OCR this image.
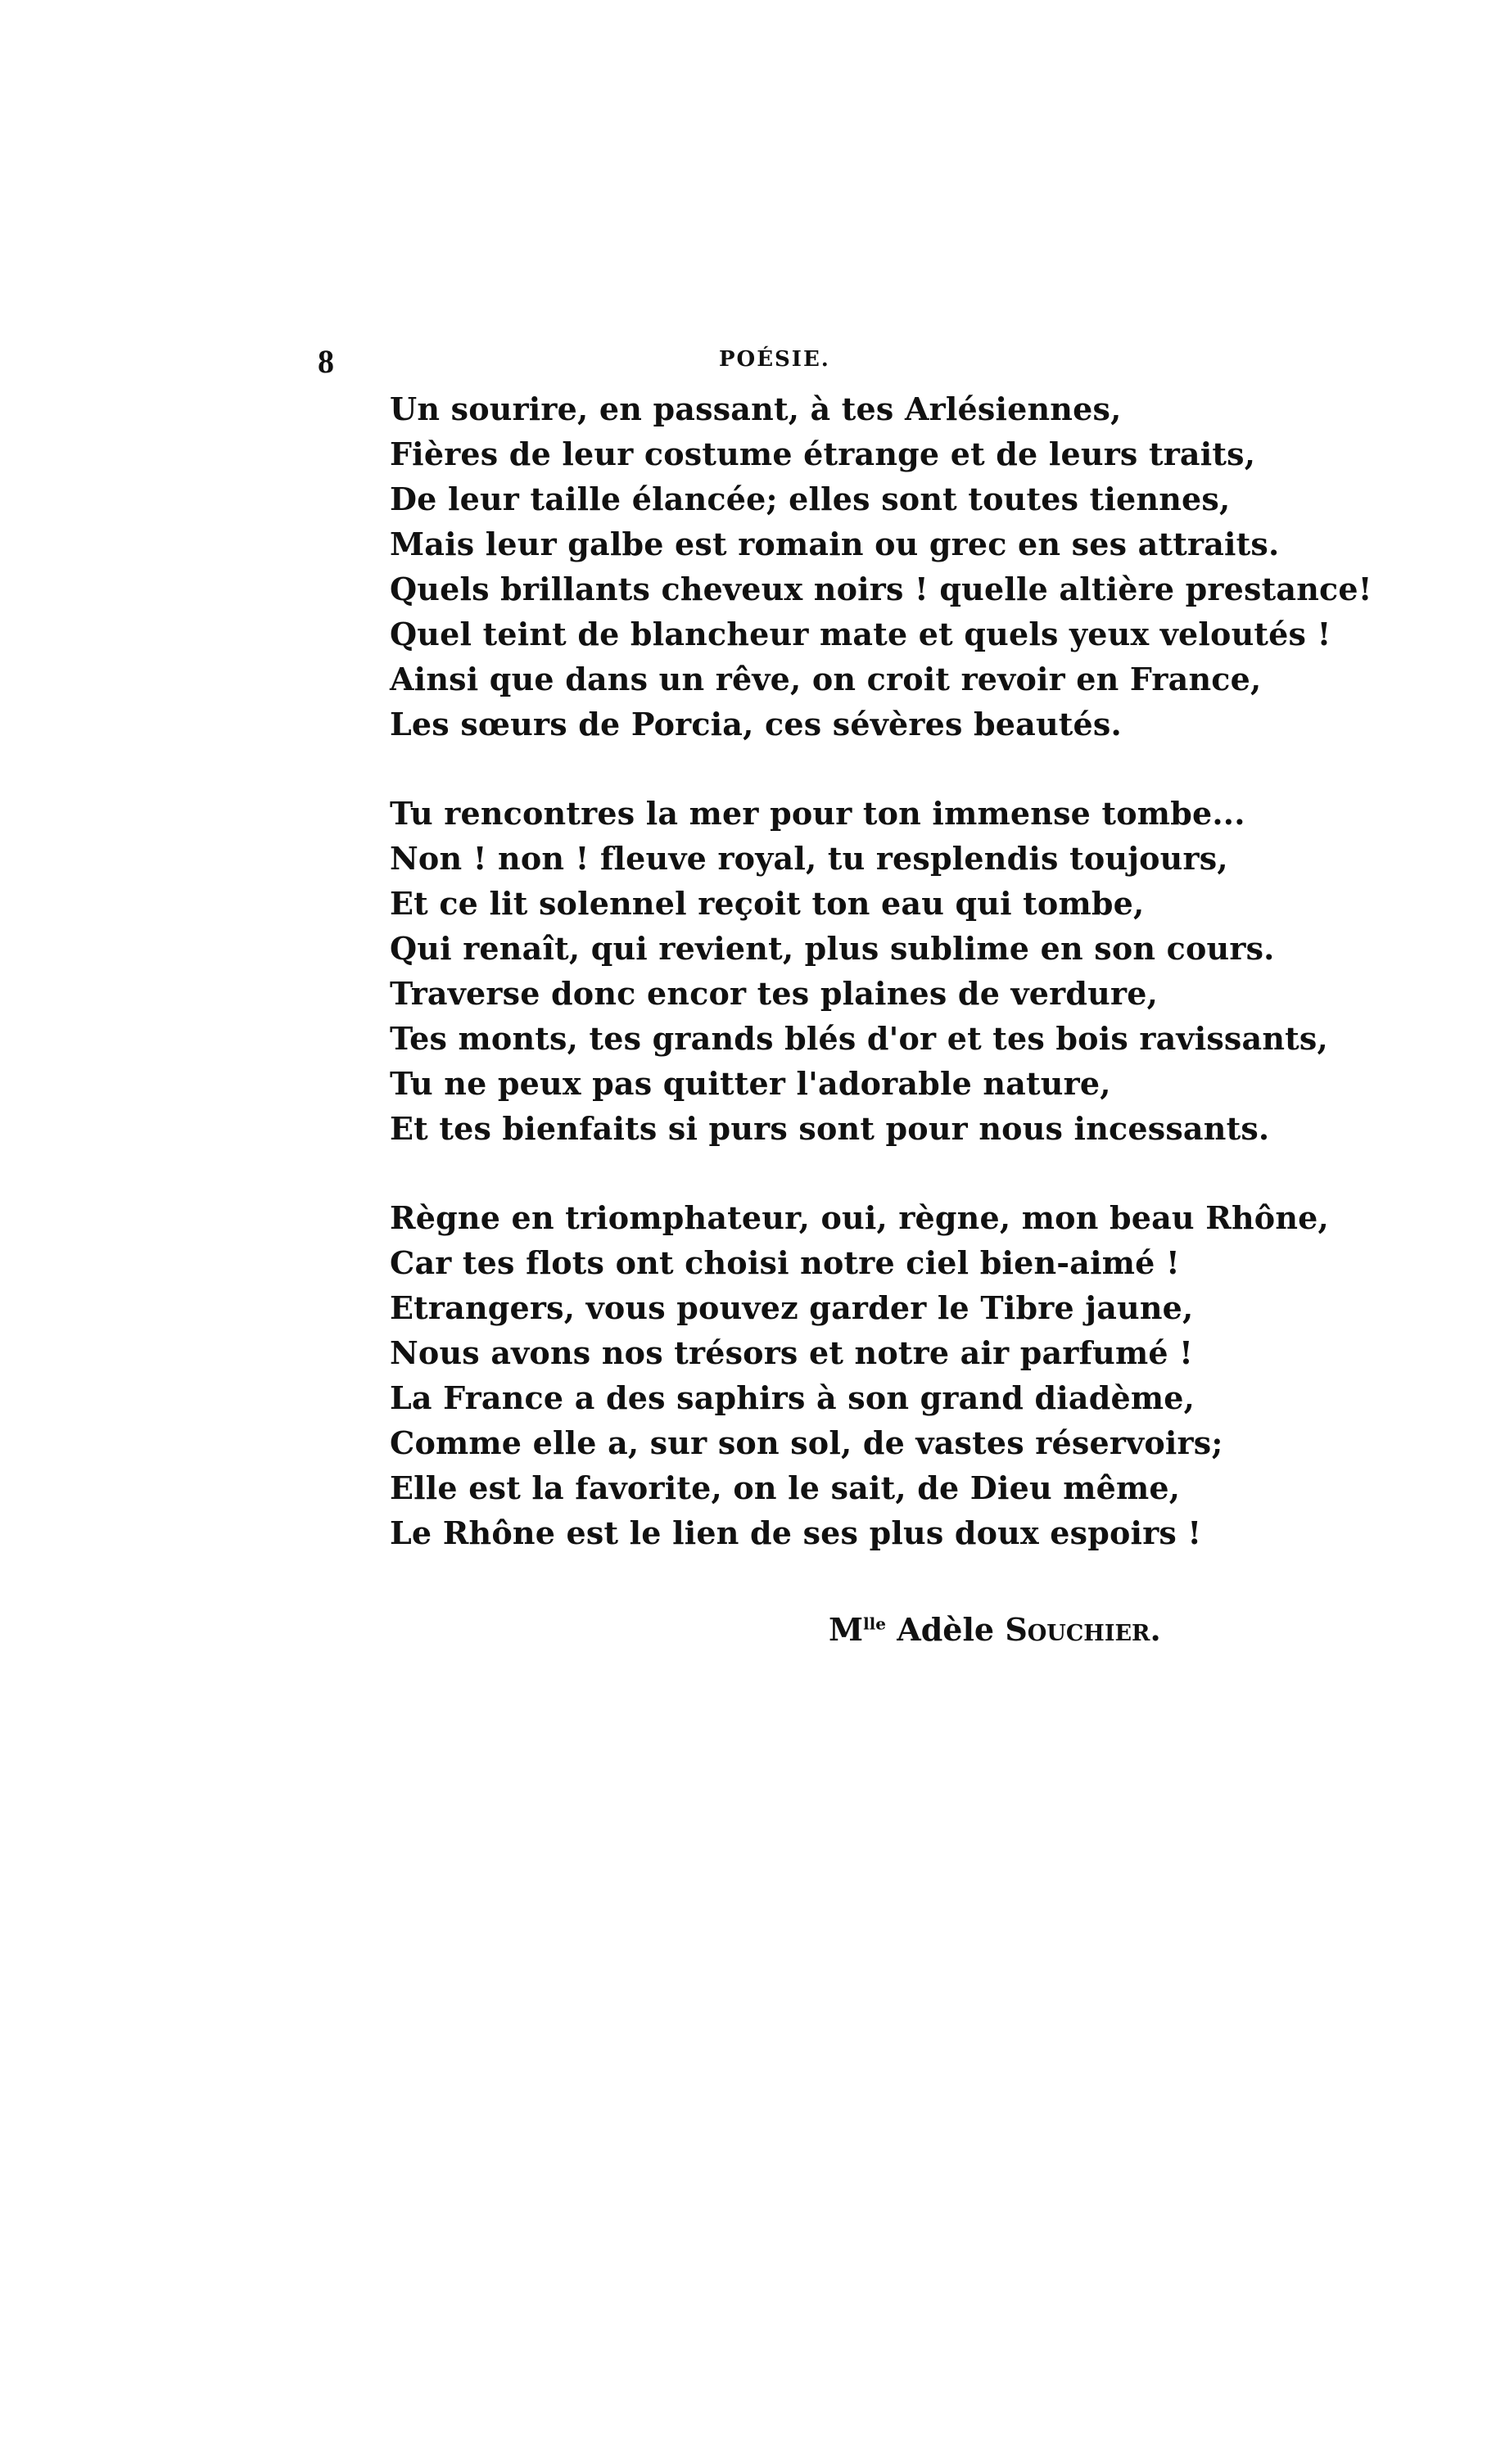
8	POÉSIE.
Un sourire, en passant, à tes Arlésiennes,
Fières de leur costume étrange et de leurs traits,
De leur taille élancée; elles sont toutes tiennes,
Mais leur galbe est romain ou grec en ses attraits.
Quels brillants cheveux noirs ! quelle altière prestance!
Quel teint de blancheur mate et quels yeux veloutés !
Ainsi que dans un rêve, on croit revoir en France,
Les sœurs de Porcia, ces sévères beautés.
Tu rencontres la mer pour ton immense tombe...
Non ! non ! fleuve royal, tu resplendis toujours,
Et ce lit solennel reçoit ton eau qui tombe,
Qui renaît, qui revient, plus sublime en son cours.
Traverse donc encor tes plaines de verdure,
Tes monts, tes grands blés d'or et tes bois ravissants,
Tu ne peux pas quitter l'adorable nature,
Et tes bienfaits si purs sont pour nous incessants.
Règne en triomphateur, oui, règne, mon beau Rhône,
Car tes flots ont choisi notre ciel bien-aimé !
Etrangers, vous pouvez garder le Tibre jaune,
Nous avons nos trésors et notre air parfumé !
La France a des saphirs à son grand diadème,
Comme elle a, sur son sol, de vastes réservoirs;
Elle est la favorite, on le sait, de Dieu même,
Le Rhône est le lien de ses plus doux espoirs !
$M^{lle}$ Adèle Souchier.
